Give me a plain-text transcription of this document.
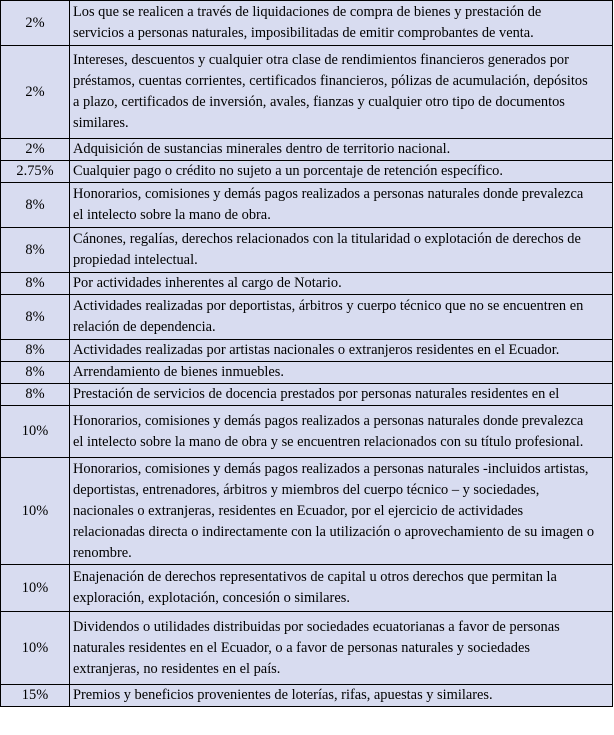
2%	Los que se realicen a través de liquidaciones de compra de bienes y prestación de
servicios a personas naturales, imposibilitadas de emitir comprobantes de venta.

2%	Intereses, descuentos y cualquier otra clase de rendimientos financieros generados por
préstamos, cuentas corrientes, certificados financieros, pólizas de acumulación, depósitos
a plazo, certificados de inversión, avales, fianzas y cualquier otro tipo de documentos
similares.

2%	Adquisición de sustancias minerales dentro de territorio nacional.

2.75%	Cualquier pago o crédito no sujeto a un porcentaje de retención específico.

8%	Honorarios, comisiones y demás pagos realizados a personas naturales donde prevalezca
el intelecto sobre la mano de obra.

8%	Cánones, regalías, derechos relacionados con la titularidad o explotación de derechos de
propiedad intelectual.

8%	Por actividades inherentes al cargo de Notario.

8%	Actividades realizadas por deportistas, árbitros y cuerpo técnico que no se encuentren en
relación de dependencia.

8%	Actividades realizadas por artistas nacionales o extranjeros residentes en el Ecuador.

8%	Arrendamiento de bienes inmuebles.

8%	Prestación de servicios de docencia prestados por personas naturales residentes en el

10%	Honorarios, comisiones y demás pagos realizados a personas naturales donde prevalezca
el intelecto sobre la mano de obra y se encuentren relacionados con su título profesional.

10%	Honorarios, comisiones y demás pagos realizados a personas naturales -incluidos artistas,
deportistas, entrenadores, árbitros y miembros del cuerpo técnico – y sociedades,
nacionales o extranjeras, residentes en Ecuador, por el ejercicio de actividades
relacionadas directa o indirectamente con la utilización o aprovechamiento de su imagen o
renombre.

10%	Enajenación de derechos representativos de capital u otros derechos que permitan la
exploración, explotación, concesión o similares.

10%	Dividendos o utilidades distribuidas por sociedades ecuatorianas a favor de personas
naturales residentes en el Ecuador, o a favor de personas naturales y sociedades
extranjeras, no residentes en el país.

15%	Premios y beneficios provenientes de loterías, rifas, apuestas y similares.
